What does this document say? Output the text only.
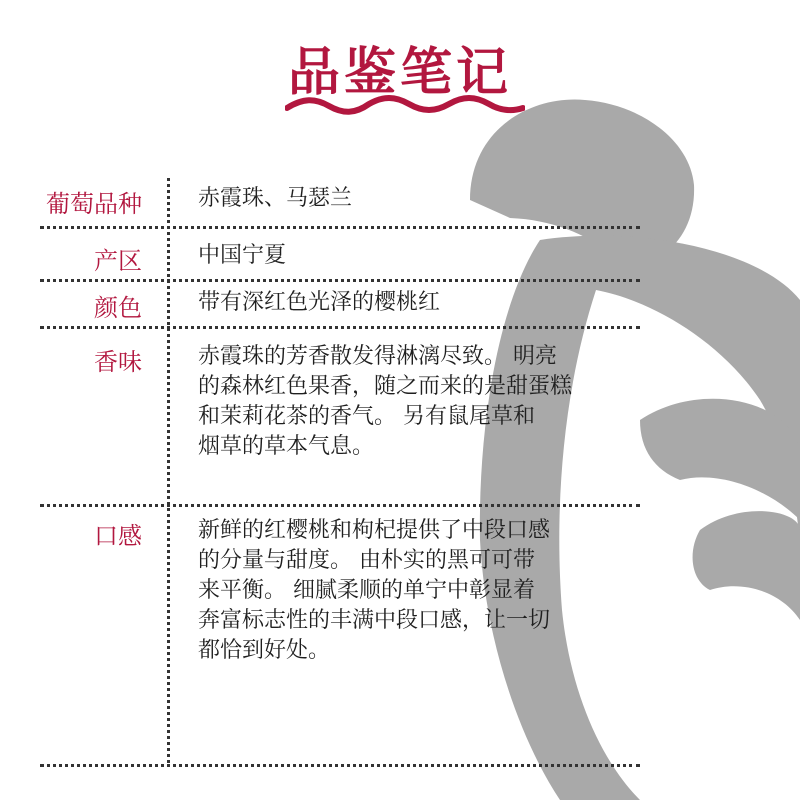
品鉴笔记
葡萄品种	赤霞珠、马瑟兰
产区	中国宁夏
颜色	带有深红色光泽的樱桃红
香味	赤霞珠的芳香散发得淋漓尽致。 明亮
的森林红色果香，随之而来的是甜蛋糕
和茉莉花茶的香气。 另有鼠尾草和
烟草的草本气息。
口感	新鲜的红樱桃和枸杞提供了中段口感
的分量与甜度。 由朴实的黑可可带
来平衡。 细腻柔顺的单宁中彰显着
奔富标志性的丰满中段口感，让一切
都恰到好处。
